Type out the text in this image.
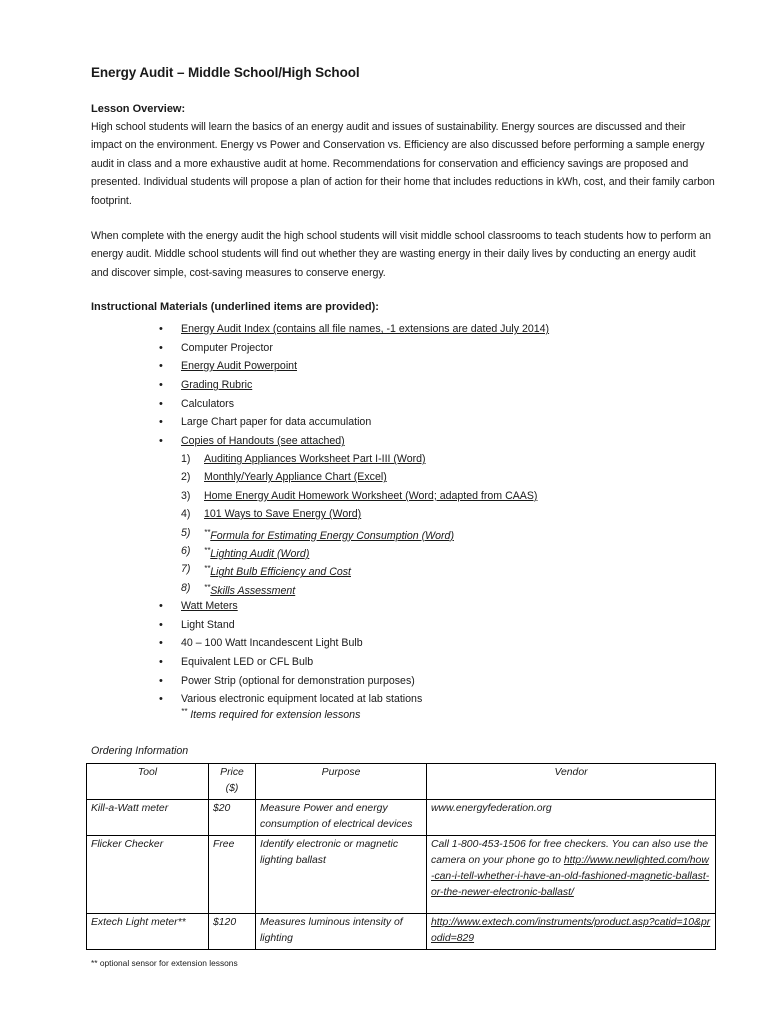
Energy Audit – Middle School/High School
Lesson Overview:

High school students will learn the basics of an energy audit and issues of sustainability. Energy sources are discussed and their impact on the environment. Energy vs Power and Conservation vs. Efficiency are also discussed before performing a sample energy audit in class and a more exhaustive audit at home. Recommendations for conservation and efficiency savings are proposed and presented. Individual students will propose a plan of action for their home that includes reductions in kWh, cost, and their family carbon footprint.

When complete with the energy audit the high school students will visit middle school classrooms to teach students how to perform an energy audit. Middle school students will find out whether they are wasting energy in their daily lives by conducting an energy audit and discover simple, cost-saving measures to conserve energy.

Instructional Materials (underlined items are provided):
• Energy Audit Index (contains all file names, -1 extensions are dated July 2014)
• Computer Projector
• Energy Audit Powerpoint
• Grading Rubric
• Calculators
• Large Chart paper for data accumulation
• Copies of Handouts (see attached)
1) Auditing Appliances Worksheet Part I-III (Word)
2) Monthly/Yearly Appliance Chart (Excel)
3) Home Energy Audit Homework Worksheet (Word; adapted from CAAS)
4) 101 Ways to Save Energy (Word)
5) **Formula for Estimating Energy Consumption (Word)
6) **Lighting Audit (Word)
7) **Light Bulb Efficiency and Cost
8) **Skills Assessment
• Watt Meters
• Light Stand
• 40 – 100 Watt Incandescent Light Bulb
• Equivalent LED or CFL Bulb
• Power Strip (optional for demonstration purposes)
• Various electronic equipment located at lab stations
** Items required for extension lessons
Ordering Information
Tool	Price ($)	Purpose	Vendor
Kill-a-Watt meter	$20	Measure Power and energy consumption of electrical devices	www.energyfederation.org
Flicker Checker	Free	Identify electronic or magnetic lighting ballast	Call 1-800-453-1506 for free checkers. You can also use the camera on your phone go to http://www.newlighted.com/how-can-i-tell-whether-i-have-an-old-fashioned-magnetic-ballast-or-the-newer-electronic-ballast/
Extech Light meter**	$120	Measures luminous intensity of lighting	http://www.extech.com/instruments/product.asp?catid=10&prodid=829
** optional sensor for extension lessons
